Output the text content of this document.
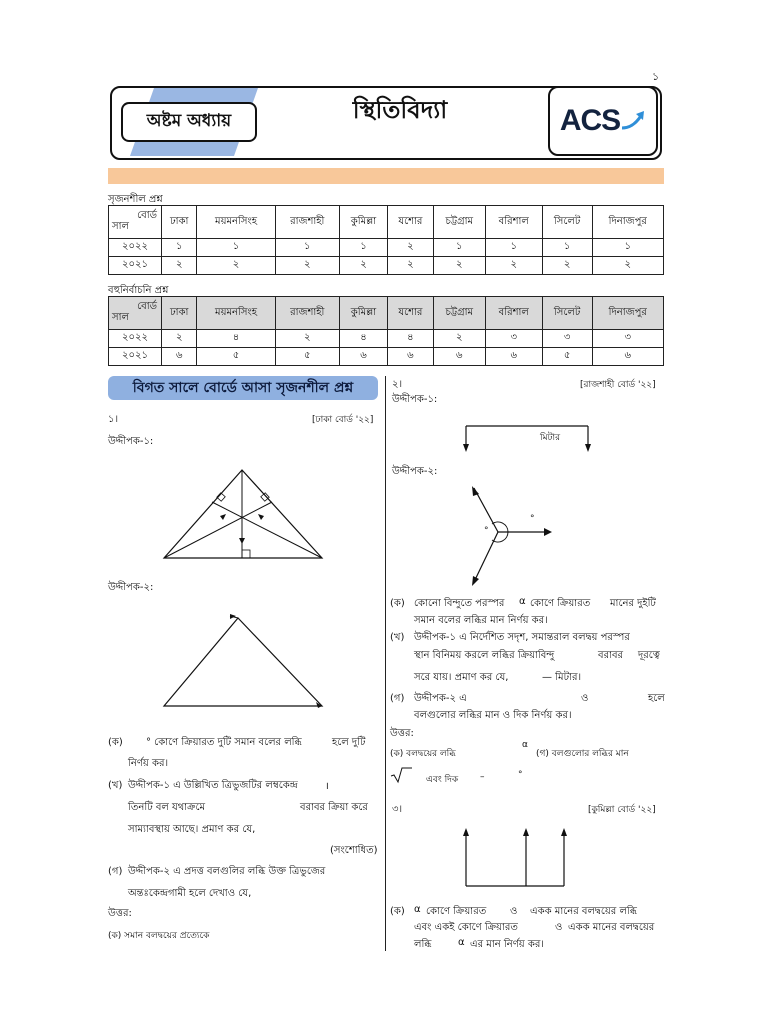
১
অষ্টম অধ্যায়	স্থিতিবিদ্যা	ACS
সৃজনশীল প্রশ্ন
বোর্ড
সাল	ঢাকা	ময়মনসিংহ	রাজশাহী	কুমিল্লা	যশোর	চট্টগ্রাম	বরিশাল	সিলেট	দিনাজপুর
২০২২	১	১	১	১	২	১	১	১	১
২০২১	২	২	২	২	২	২	২	২	২
বহুনির্বাচনি প্রশ্ন
বোর্ড
সাল	ঢাকা	ময়মনসিংহ	রাজশাহী	কুমিল্লা	যশোর	চট্টগ্রাম	বরিশাল	সিলেট	দিনাজপুর
২০২২	২	৪	২	৪	৪	২	৩	৩	৩
২০২১	৬	৫	৫	৬	৬	৬	৬	৫	৬
বিগত সালে বোর্ডে আসা সৃজনশীল প্রশ্ন
১।	[ঢাকা বোর্ড '২২]
উদ্দীপক-১:
উদ্দীপক-২:
(ক) ° কোণে ক্রিয়ারত দুটি সমান বলের লব্ধি	হলে দুটি
নির্ণয় কর।
(খ) উদ্দীপক-১ এ উল্লিখিত ত্রিভুজটির লম্বকেন্দ্র	।
তিনটি বল যথাক্রমে	বরাবর ক্রিয়া করে
সাম্যাবস্থায় আছে। প্রমাণ কর যে,
(সংশোধিত)
(গ) উদ্দীপক-২ এ প্রদত্ত বলগুলির লব্ধি উক্ত ত্রিভুজের
অন্তঃকেন্দ্রগামী হলে দেখাও যে,
উত্তর:
(ক) সমান বলদ্বয়ের প্রত্যেকে
২।	[রাজশাহী বোর্ড '২২]
উদ্দীপক-১:
মিটার
উদ্দীপক-২:
°
°
(ক) কোনো বিন্দুতে পরস্পর α কোণে ক্রিয়ারত মানের দুইটি
সমান বলের লব্ধির মান নির্ণয় কর।
(খ) উদ্দীপক-১ এ নির্দেশিত সদৃশ, সমান্তরাল বলদ্বয় পরস্পর
স্থান বিনিময় করলে লব্ধির ক্রিয়াবিন্দু	বরাবর দূরত্বে
সরে যায়। প্রমাণ কর যে,	— মিটার।
(গ) উদ্দীপক-২ এ	ও	হলে
বলগুলোর লব্ধির মান ও দিক নির্ণয় কর।
উত্তর:
(ক) বলদ্বয়ের লব্ধি
α
(গ) বলগুলোর লব্ধির মান
এবং দিক –	°
৩।	[কুমিল্লা বোর্ড '২২]
(ক) α কোণে ক্রিয়ারত ও একক মানের বলদ্বয়ের লব্ধি
এবং একই কোণে ক্রিয়ারত	ও একক মানের বলদ্বয়ের
লব্ধি	α এর মান নির্ণয় কর।
